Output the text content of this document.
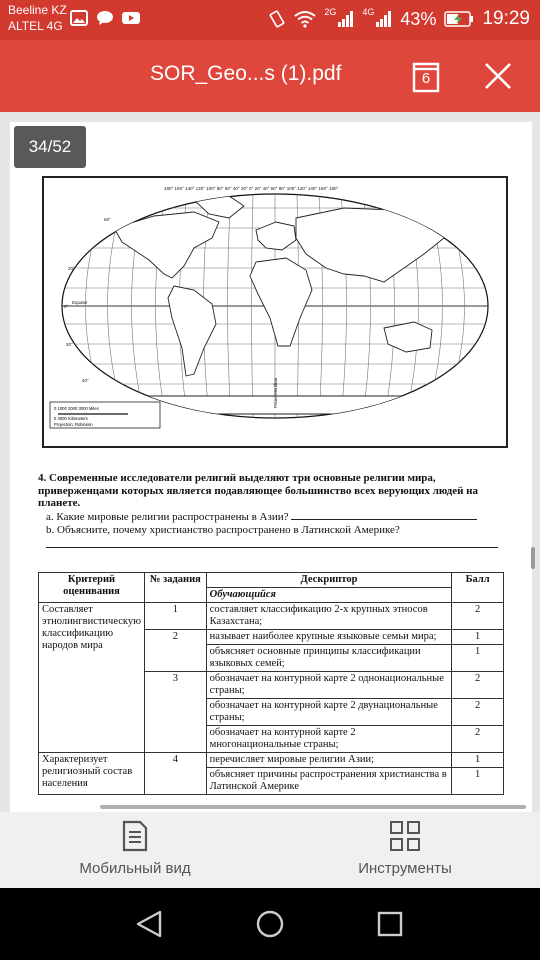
Beeline KZ
ALTEL 4G
2G	4G 43% 19:29
SOR_Geo...s (1).pdf	6
34/52
180° 160° 140° 120° 100° 80° 60° 40° 20° 0° 20° 40° 60° 80° 100° 120° 140° 160° 180°
60°
20°
0°
Equator
20°
40°	Prime Meridian
0 1000 2000 3000 Miles
0 3000 Kilometers
Projection: Robinson
4. Современные исследователи религий выделяют три основные религии мира, приверженцами которых является подавляющее большинство всех верующих людей на планете.
a. Какие мировые религии распространены в Азии?
b. Объясните, почему христианство распространено в Латинской Америке?
Критерий оценивания	№ задания	Дескриптор	Балл
		Обучающийся	
Составляет этнолингвистическую классификацию народов мира	1	составляет классификацию 2-х крупных этносов Казахстана;	2
	2	называет наиболее крупные языковые семьи мира;	1
		объясняет основные принципы классификации языковых семей;	1
	3	обозначает на контурной карте 2 однонациональные страны;	2
		обозначает на контурной карте 2 двунациональные страны;	2
		обозначает на контурной карте 2 многонациональные страны;	2
Характеризует религиозный состав населения	4	перечисляет мировые религии Азии;	1
		объясняет причины распространения христианства в Латинской Америке	1
Мобильный вид	Инструменты
